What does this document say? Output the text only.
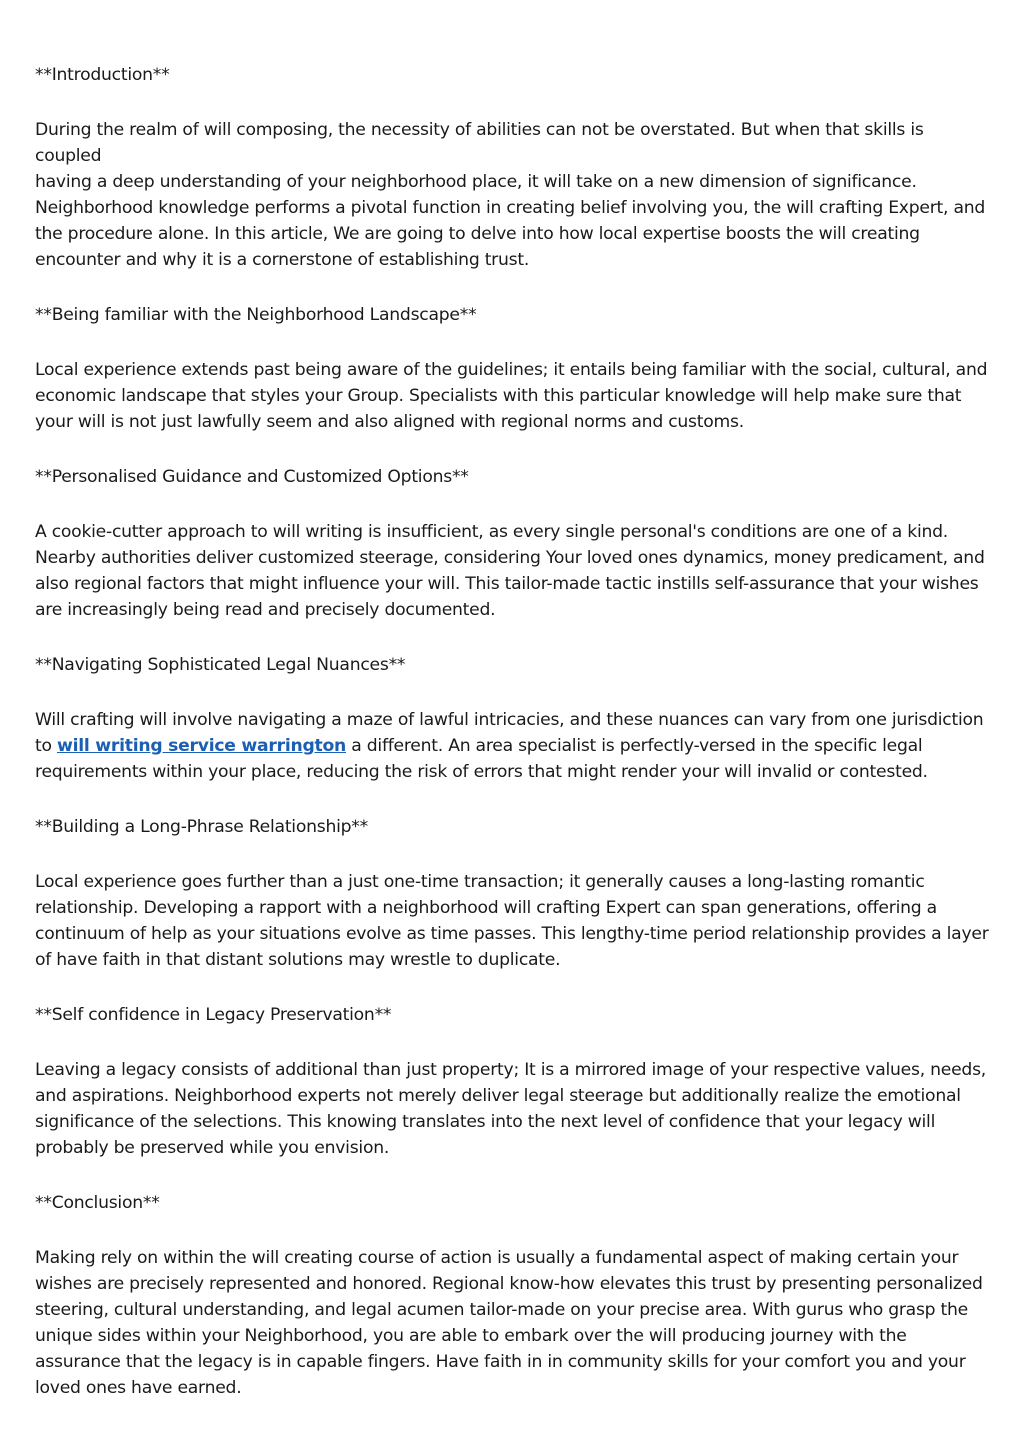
**Introduction**

During the realm of will composing, the necessity of abilities can not be overstated. But when that skills is coupled
having a deep understanding of your neighborhood place, it will take on a new dimension of significance.
Neighborhood knowledge performs a pivotal function in creating belief involving you, the will crafting Expert, and
the procedure alone. In this article, We are going to delve into how local expertise boosts the will creating
encounter and why it is a cornerstone of establishing trust.

**Being familiar with the Neighborhood Landscape**

Local experience extends past being aware of the guidelines; it entails being familiar with the social, cultural, and
economic landscape that styles your Group. Specialists with this particular knowledge will help make sure that
your will is not just lawfully seem and also aligned with regional norms and customs.

**Personalised Guidance and Customized Options**

A cookie-cutter approach to will writing is insufficient, as every single personal's conditions are one of a kind.
Nearby authorities deliver customized steerage, considering Your loved ones dynamics, money predicament, and
also regional factors that might influence your will. This tailor-made tactic instills self-assurance that your wishes
are increasingly being read and precisely documented.

**Navigating Sophisticated Legal Nuances**

Will crafting will involve navigating a maze of lawful intricacies, and these nuances can vary from one jurisdiction
to will writing service warrington a different. An area specialist is perfectly-versed in the specific legal
requirements within your place, reducing the risk of errors that might render your will invalid or contested.

**Building a Long-Phrase Relationship**

Local experience goes further than a just one-time transaction; it generally causes a long-lasting romantic
relationship. Developing a rapport with a neighborhood will crafting Expert can span generations, offering a
continuum of help as your situations evolve as time passes. This lengthy-time period relationship provides a layer
of have faith in that distant solutions may wrestle to duplicate.

**Self confidence in Legacy Preservation**

Leaving a legacy consists of additional than just property; It is a mirrored image of your respective values, needs,
and aspirations. Neighborhood experts not merely deliver legal steerage but additionally realize the emotional
significance of the selections. This knowing translates into the next level of confidence that your legacy will
probably be preserved while you envision.

**Conclusion**

Making rely on within the will creating course of action is usually a fundamental aspect of making certain your
wishes are precisely represented and honored. Regional know-how elevates this trust by presenting personalized
steering, cultural understanding, and legal acumen tailor-made on your precise area. With gurus who grasp the
unique sides within your Neighborhood, you are able to embark over the will producing journey with the
assurance that the legacy is in capable fingers. Have faith in in community skills for your comfort you and your
loved ones have earned.
